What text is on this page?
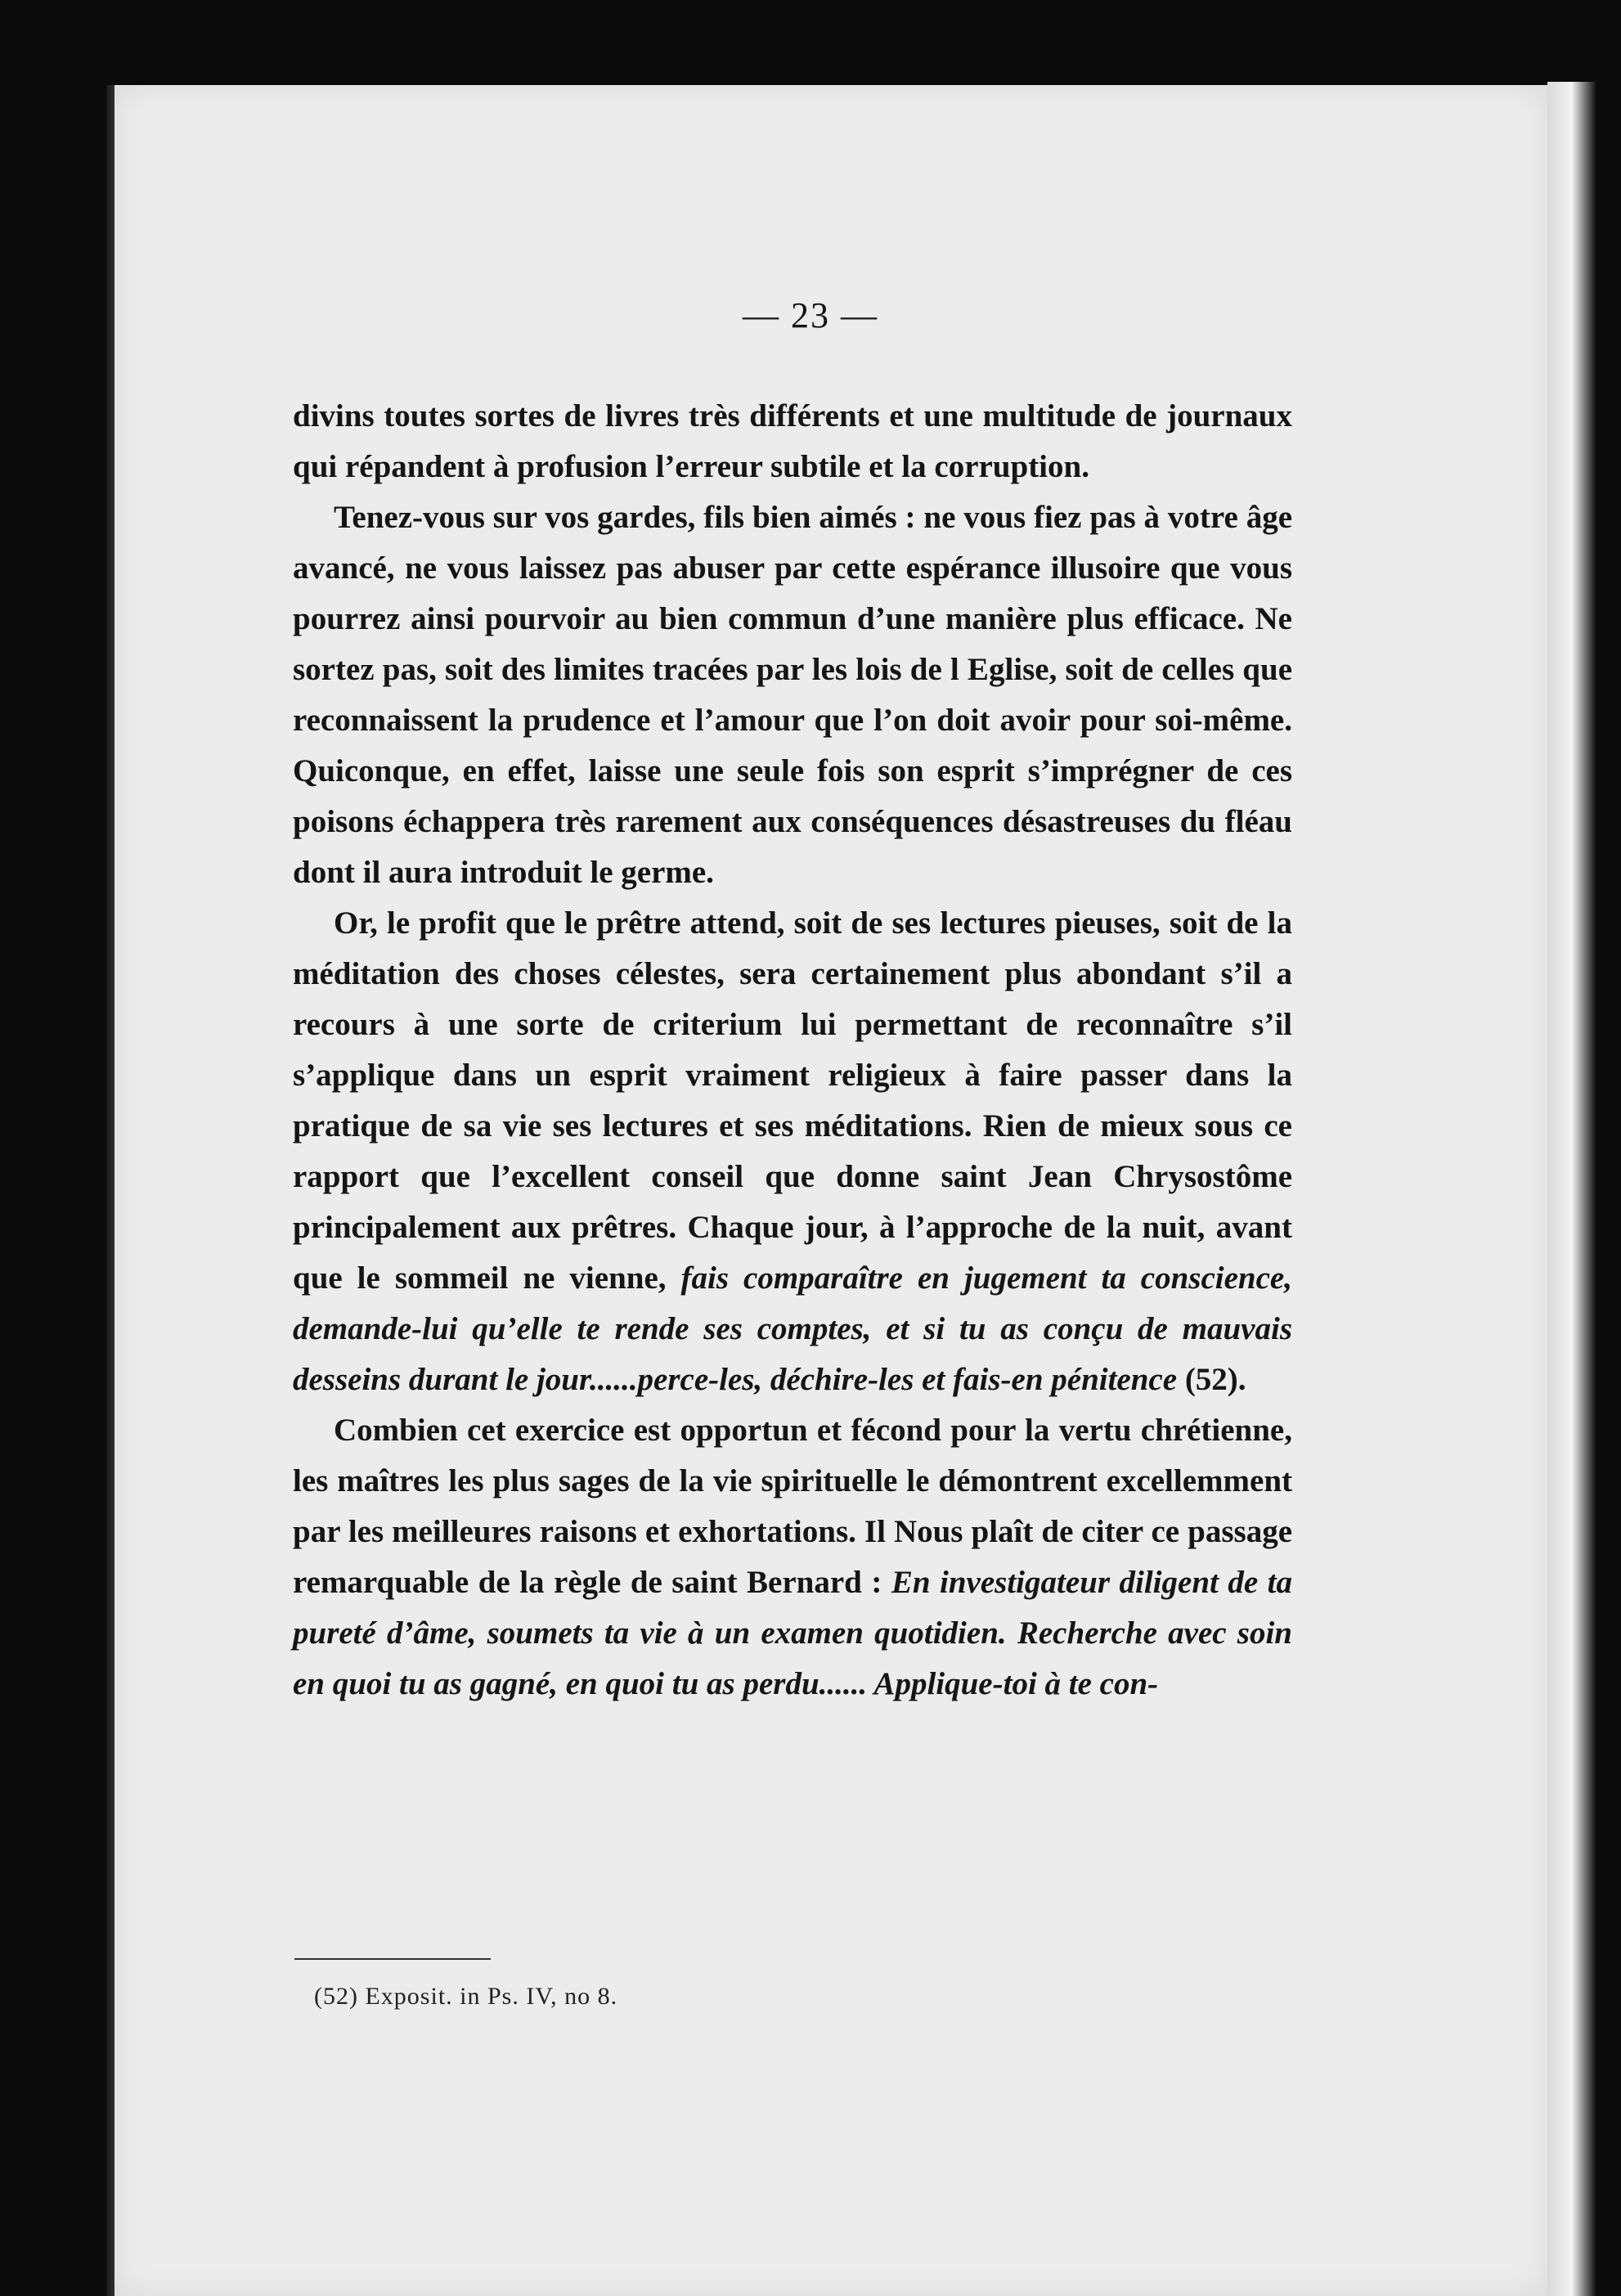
— 23 —

divins toutes sortes de livres très différents et une multitude de journaux qui répandent à profusion l’erreur subtile et la corruption.

Tenez-vous sur vos gardes, fils bien aimés : ne vous fiez pas à votre âge avancé, ne vous laissez pas abuser par cette espérance illusoire que vous pourrez ainsi pourvoir au bien commun d’une manière plus efficace. Ne sortez pas, soit des limites tracées par les lois de l Eglise, soit de celles que reconnaissent la prudence et l’amour que l’on doit avoir pour soi-même. Quiconque, en effet, laisse une seule fois son esprit s’imprégner de ces poisons échappera très rarement aux conséquences désastreuses du fléau dont il aura introduit le germe.

Or, le profit que le prêtre attend, soit de ses lectures pieuses, soit de la méditation des choses célestes, sera certainement plus abondant s’il a recours à une sorte de criterium lui permettant de reconnaître s’il s’applique dans un esprit vraiment religieux à faire passer dans la pratique de sa vie ses lectures et ses méditations. Rien de mieux sous ce rapport que l’excellent conseil que donne saint Jean Chrysostôme principalement aux prêtres. Chaque jour, à l’approche de la nuit, avant que le sommeil ne vienne, fais comparaître en jugement ta conscience, demande-lui qu’elle te rende ses comptes, et si tu as conçu de mauvais desseins durant le jour......perce-les, déchire-les et fais-en pénitence (52).

Combien cet exercice est opportun et fécond pour la vertu chrétienne, les maîtres les plus sages de la vie spirituelle le démontrent excellemment par les meilleures raisons et exhortations. Il Nous plaît de citer ce passage remarquable de la règle de saint Bernard : En investigateur diligent de ta pureté d’âme, soumets ta vie à un examen quotidien. Recherche avec soin en quoi tu as gagné, en quoi tu as perdu...... Applique-toi à te con-

(52) Exposit. in Ps. IV, no 8.
